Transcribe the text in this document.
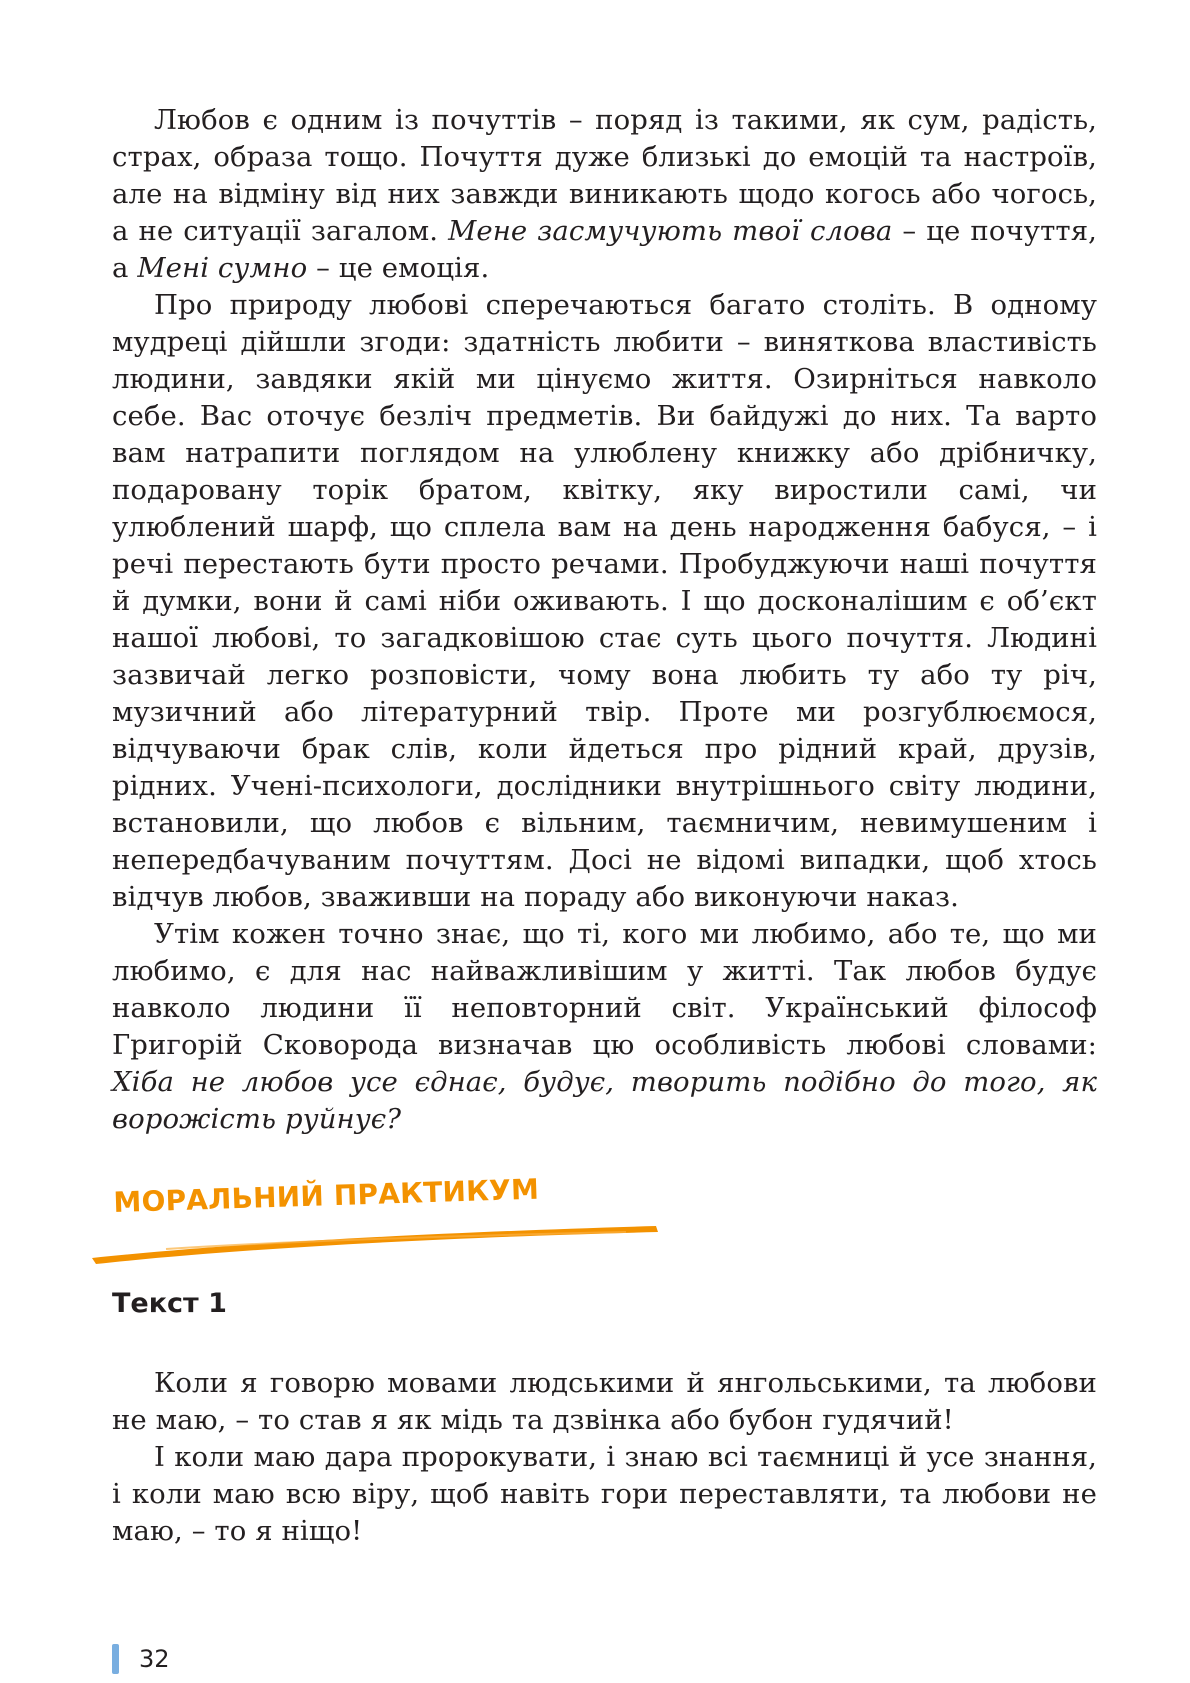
Любов є одним із почуттів – поряд із такими, як сум, радість, страх, образа тощо. Почуття дуже близькі до емоцій та настроїв, але на відміну від них завжди виникають щодо когось або чогось, а не ситуації загалом. Мене засмучують твої слова – це почуття, а Мені сумно – це емоція.

Про природу любові сперечаються багато століть. В одному мудреці дійшли згоди: здатність любити – виняткова властивість людини, завдяки якій ми цінуємо життя. Озирніться навколо себе. Вас оточує безліч предметів. Ви байдужі до них. Та варто вам натрапити поглядом на улюблену книжку або дрібничку, подаровану торік братом, квітку, яку виростили самі, чи улюблений шарф, що сплела вам на день народження бабуся, – і речі перестають бути просто речами. Пробуджуючи наші почуття й думки, вони й самі ніби оживають. І що досконалішим є об’єкт нашої любові, то загадковішою стає суть цього почуття. Людині зазвичай легко розповісти, чому вона любить ту або ту річ, музичний або літературний твір. Проте ми розгублюємося, відчуваючи брак слів, коли йдеться про рідний край, друзів, рідних. Учені-психологи, дослідники внутрішнього світу людини, встановили, що любов є вільним, таємничим, невимушеним і непередбачуваним почуттям. Досі не відомі випадки, щоб хтось відчув любов, зваживши на пораду або виконуючи наказ.

Утім кожен точно знає, що ті, кого ми любимо, або те, що ми любимо, є для нас найважливішим у житті. Так любов будує навколо людини її неповторний світ. Український філософ Григорій Сковорода визначав цю особливість любові словами: Хіба не любов усе єднає, будує, творить подібно до того, як ворожість руйнує?

МОРАЛЬНИЙ ПРАКТИКУМ
Текст 1

Коли я говорю мовами людськими й янгольськими, та любови не маю, – то став я як мідь та дзвінка або бубон гудячий!

І коли маю дара пророкувати, і знаю всі таємниці й усе знання, і коли маю всю віру, щоб навіть гори переставляти, та любови не маю, – то я ніщо!

32
